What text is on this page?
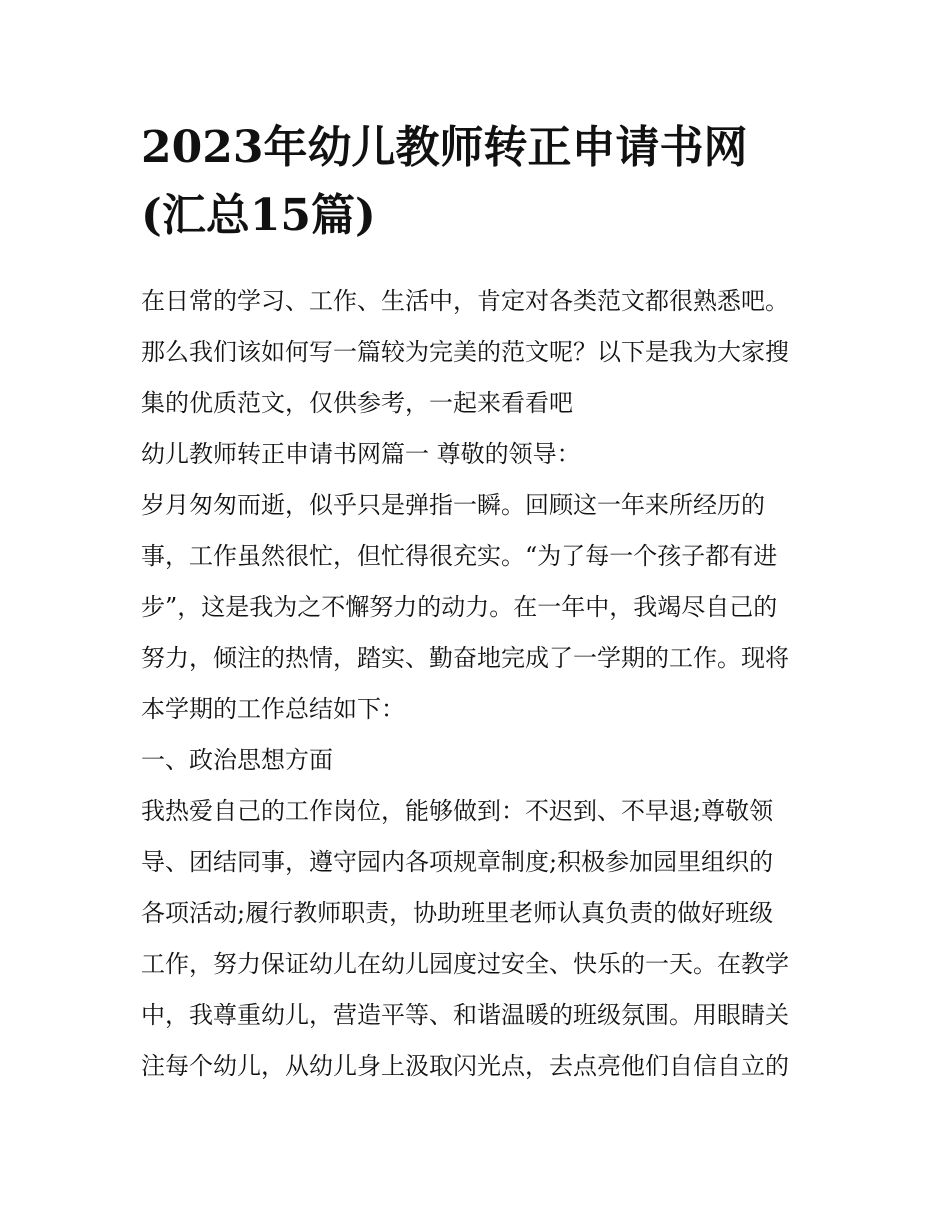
2023年幼儿教师转正申请书网
(汇总15篇)
在日常的学习、工作、生活中，肯定对各类范文都很熟悉吧。
那么我们该如何写一篇较为完美的范文呢？以下是我为大家搜
集的优质范文，仅供参考，一起来看看吧
幼儿教师转正申请书网篇一 尊敬的领导：
岁月匆匆而逝，似乎只是弹指一瞬。回顾这一年来所经历的
事，工作虽然很忙，但忙得很充实。“为了每一个孩子都有进
步”，这是我为之不懈努力的动力。在一年中，我竭尽自己的
努力，倾注的热情，踏实、勤奋地完成了一学期的工作。现将
本学期的工作总结如下：
一、政治思想方面
我热爱自己的工作岗位，能够做到：不迟到、不早退;尊敬领
导、团结同事，遵守园内各项规章制度;积极参加园里组织的
各项活动;履行教师职责，协助班里老师认真负责的做好班级
工作，努力保证幼儿在幼儿园度过安全、快乐的一天。在教学
中，我尊重幼儿，营造平等、和谐温暖的班级氛围。用眼睛关
注每个幼儿，从幼儿身上汲取闪光点，去点亮他们自信自立的
